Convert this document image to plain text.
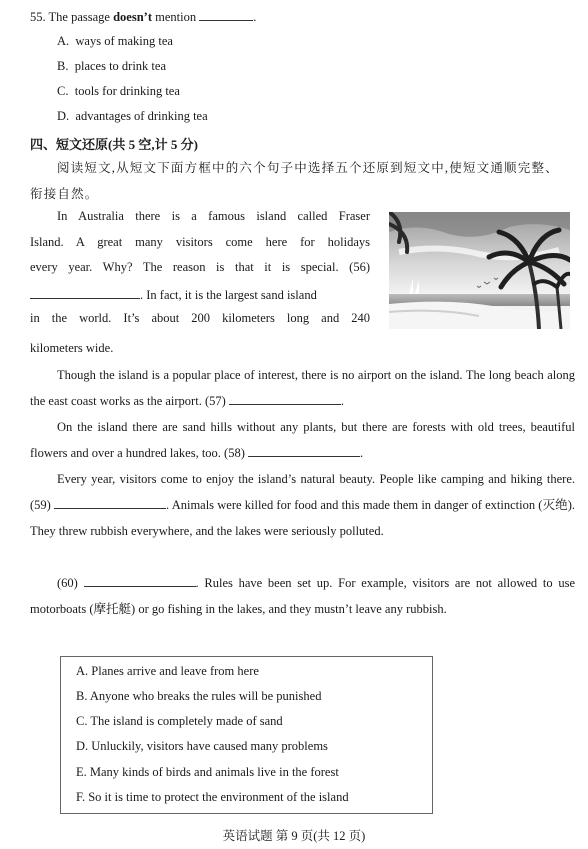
55. The passage doesn’t mention	.
A. ways of making tea
B. places to drink tea
C. tools for drinking tea
D. advantages of drinking tea
四、短文还原(共 5 空,计 5 分)
阅读短文,从短文下面方框中的六个句子中选择五个还原到短文中,使短文通顺完整、
衔接自然。
In Australia there is a famous island called Fraser
Island. A great many visitors come here for holidays
every year. Why? The reason is that it is special. (56)
. In fact, it is the largest sand island
in the world. It’s about 200 kilometers long and 240
kilometers wide.
Though the island is a popular place of interest, there is no airport on the island. The long beach along the east coast works as the airport. (57)	.
On the island there are sand hills without any plants, but there are forests with old trees, beautiful flowers and over a hundred lakes, too. (58)	.
Every year, visitors come to enjoy the island’s natural beauty. People like camping and hiking there. (59)	. Animals were killed for food and this made them in danger of extinction (灭绝). They threw rubbish everywhere, and the lakes were seriously polluted.
(60)	. Rules have been set up. For example, visitors are not allowed to use motorboats (摩托艇) or go fishing in the lakes, and they mustn’t leave any rubbish.
A. Planes arrive and leave from here
B. Anyone who breaks the rules will be punished
C. The island is completely made of sand
D. Unluckily, visitors have caused many problems
E. Many kinds of birds and animals live in the forest
F. So it is time to protect the environment of the island
英语试题 第 9 页(共 12 页)
